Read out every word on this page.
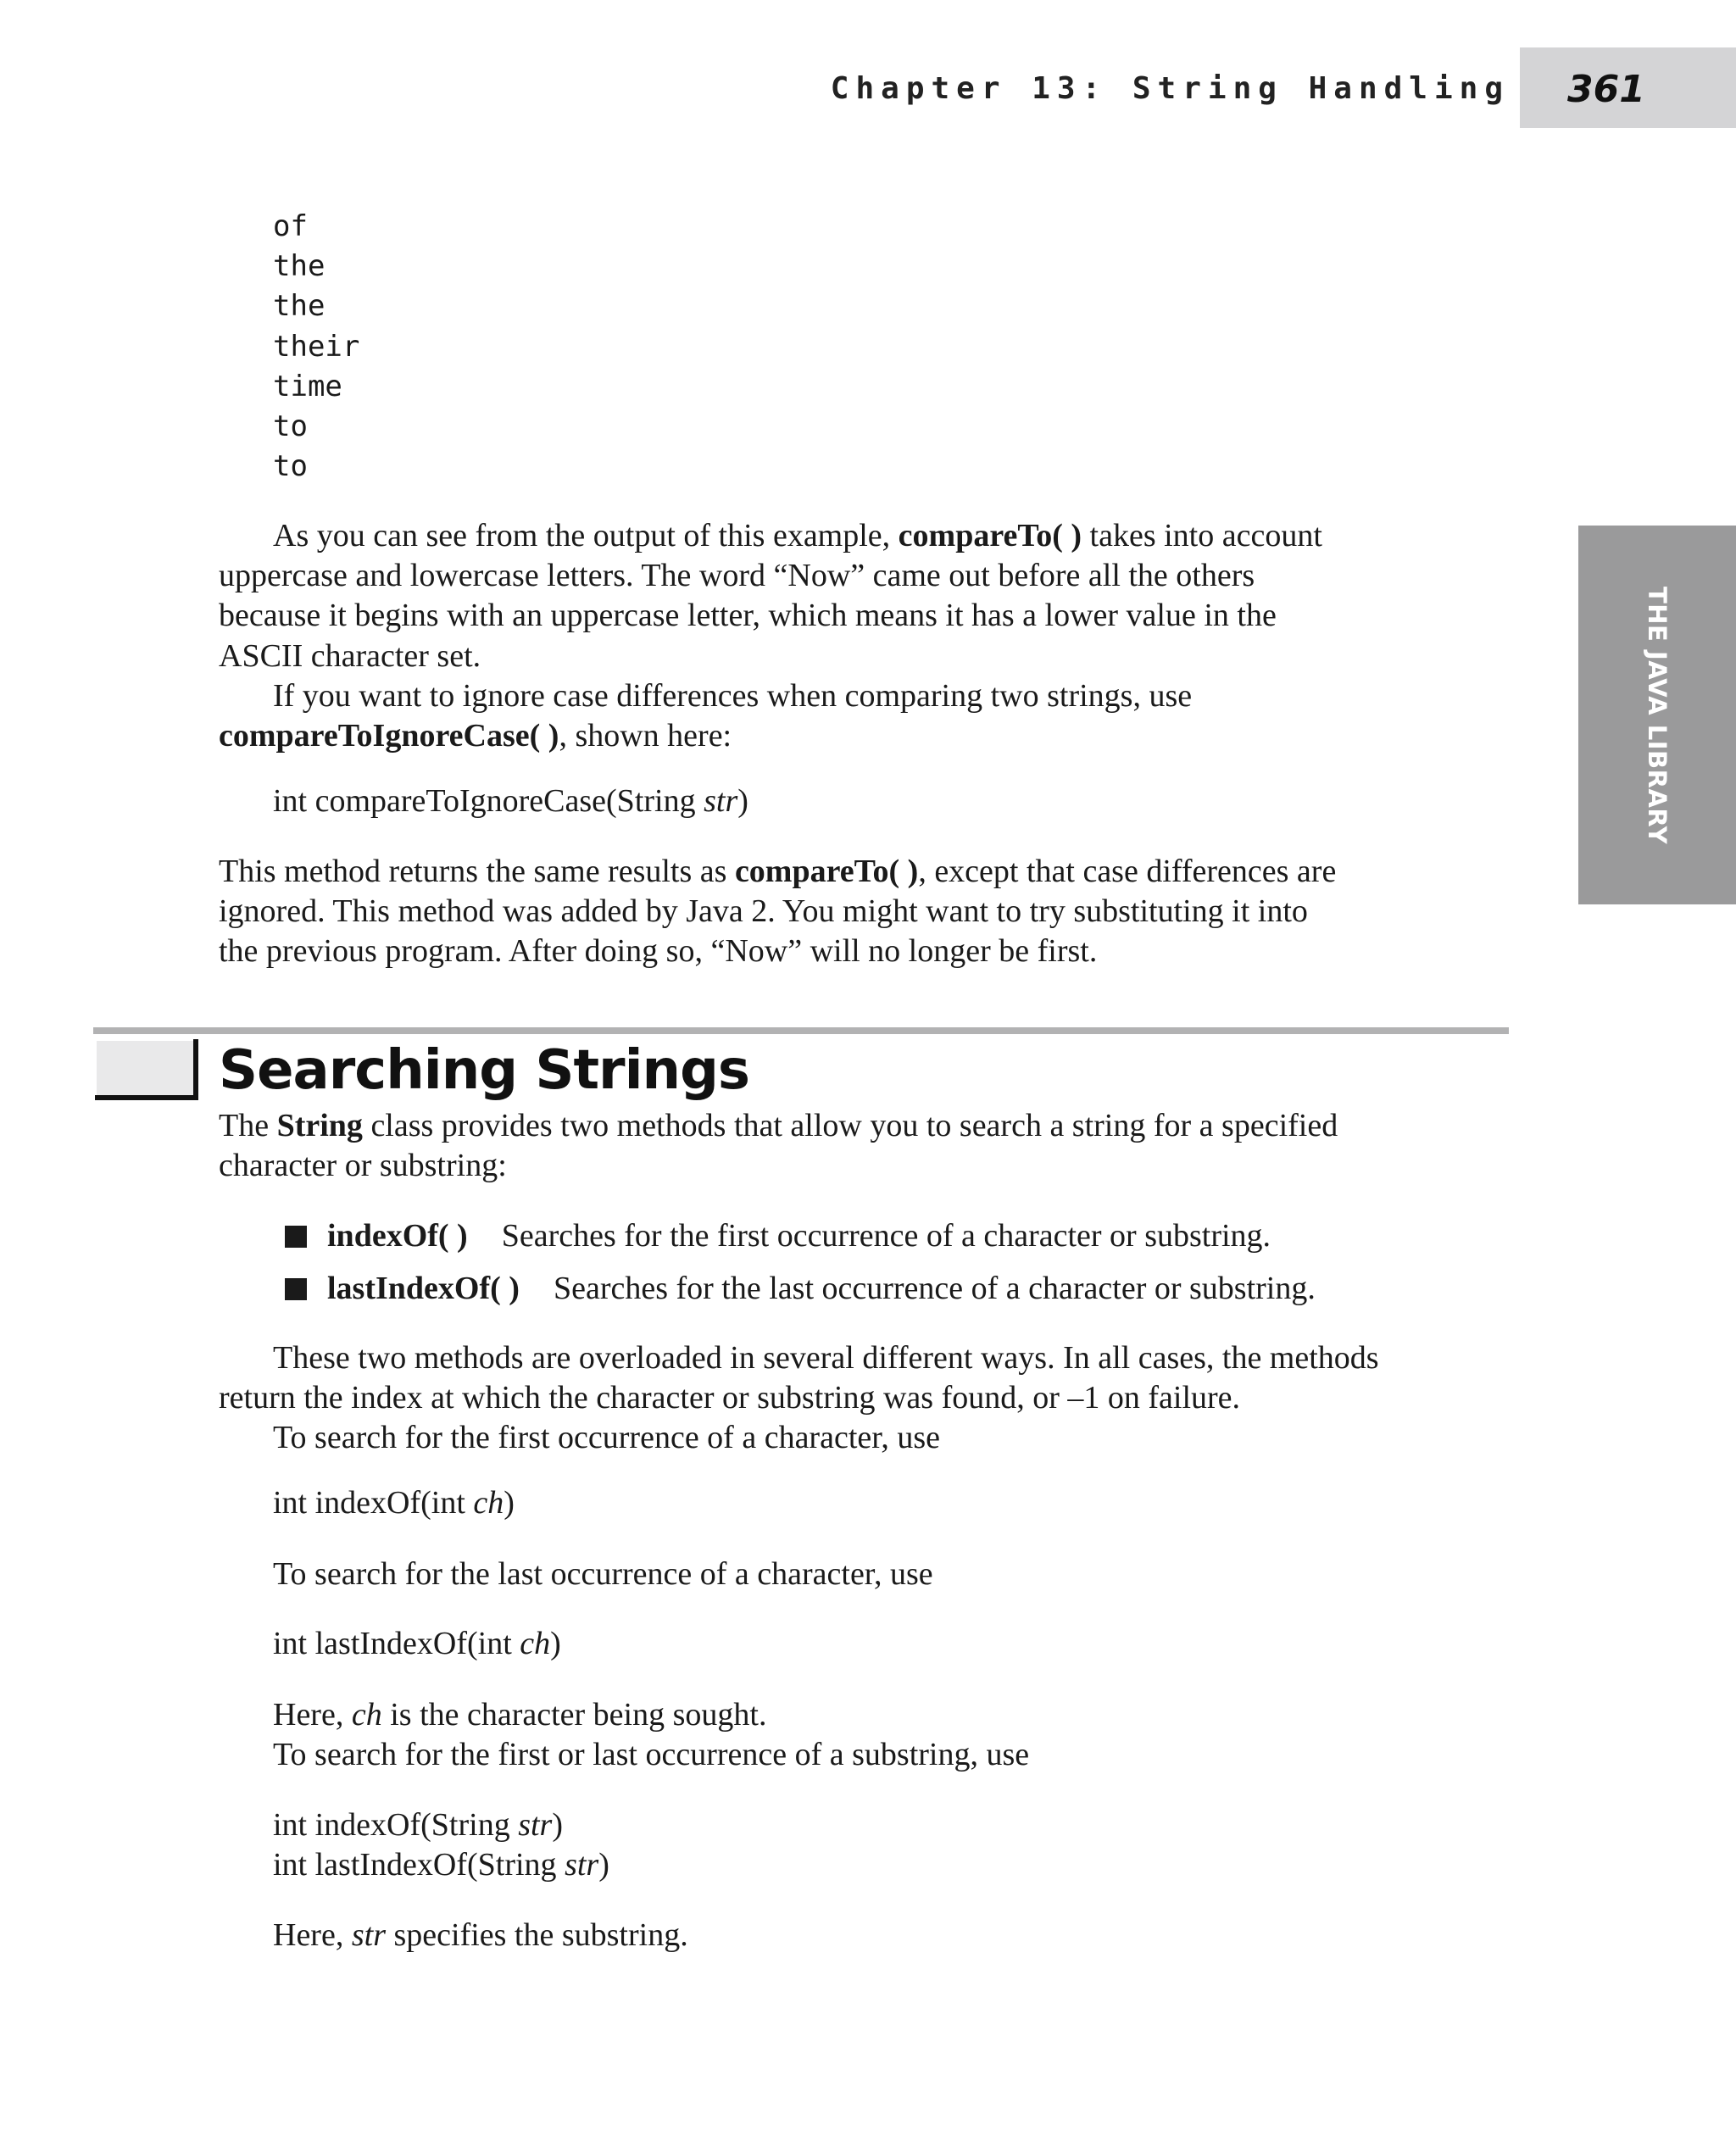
Chapter 13: String Handling 361
THE JAVA LIBRARY
of
the
the
their
time
to
to

As you can see from the output of this example, compareTo( ) takes into account

uppercase and lowercase letters. The word “Now” came out before all the others

because it begins with an uppercase letter, which means it has a lower value in the

ASCII character set.

If you want to ignore case differences when comparing two strings, use

compareToIgnoreCase( ), shown here:

int compareToIgnoreCase(String str)

This method returns the same results as compareTo( ), except that case differences are

ignored. This method was added by Java 2. You might want to try substituting it into

the previous program. After doing so, “Now” will no longer be first.

Searching Strings

The String class provides two methods that allow you to search a string for a specified

character or substring:

indexOf( ) Searches for the first occurrence of a character or substring.
lastIndexOf( ) Searches for the last occurrence of a character or substring.

These two methods are overloaded in several different ways. In all cases, the methods

return the index at which the character or substring was found, or –1 on failure.

To search for the first occurrence of a character, use

int indexOf(int ch)

To search for the last occurrence of a character, use

int lastIndexOf(int ch)

Here, ch is the character being sought.

To search for the first or last occurrence of a substring, use

int indexOf(String str)

int lastIndexOf(String str)

Here, str specifies the substring.
